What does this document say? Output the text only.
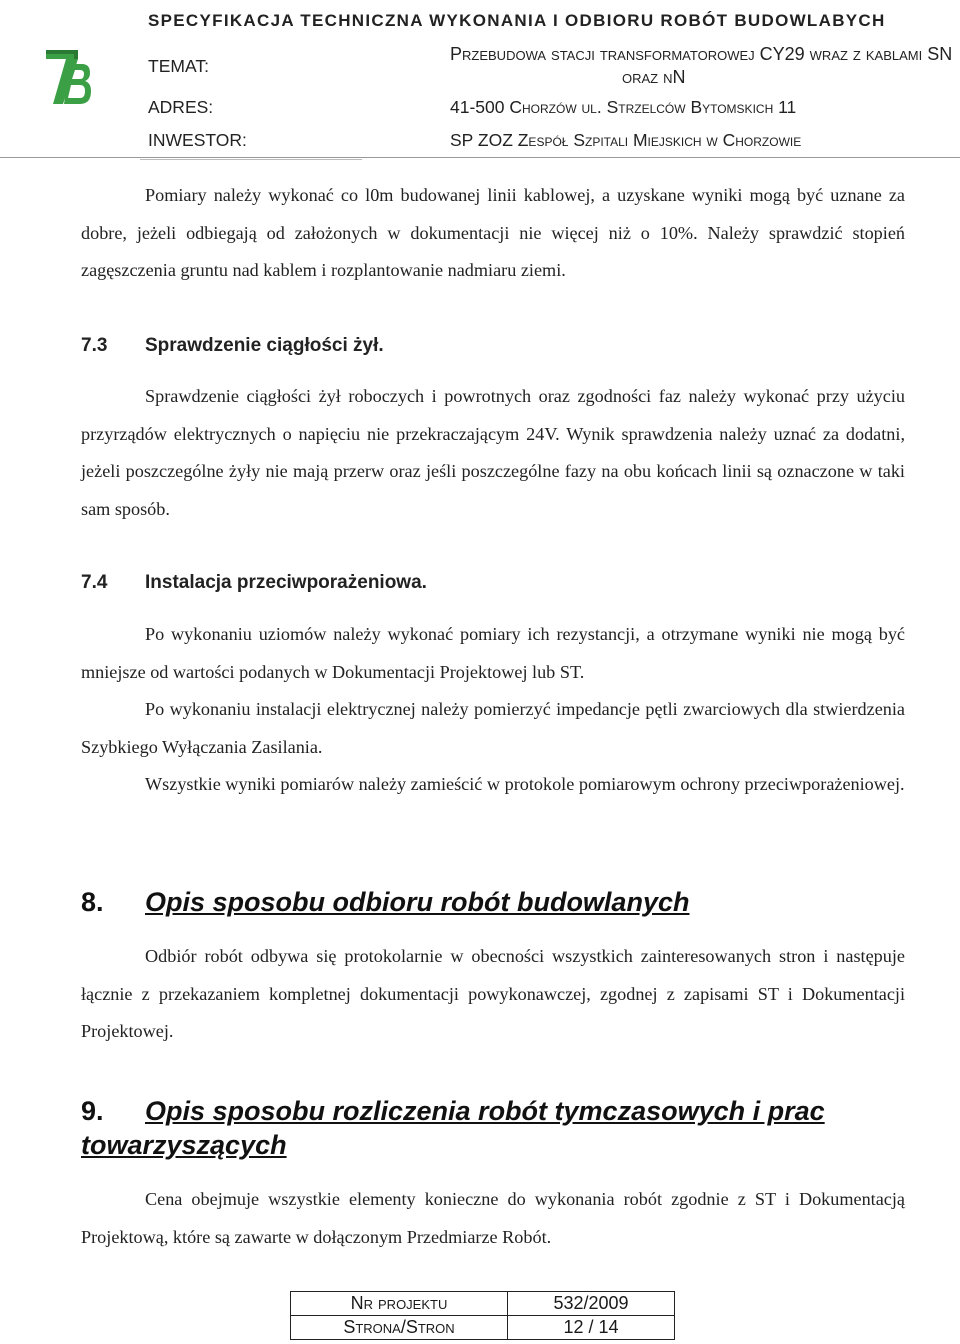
SPECYFIKACJA TECHNICZNA WYKONANIA I ODBIORU ROBÓT BUDOWLABYCH
TEMAT:
Przebudowa stacji transformatorowej CY29 wraz z kablami SN
oraz nN
ADRES:	41-500 Chorzów ul. Strzelców Bytomskich 11
INWESTOR:	SP ZOZ Zespół Szpitali Miejskich w Chorzowie
Pomiary należy wykonać co l0m budowanej linii kablowej, a uzyskane wyniki mogą być uznane za dobre, jeżeli odbiegają od założonych w dokumentacji nie więcej niż o 10%. Należy sprawdzić stopień zagęszczenia gruntu nad kablem i rozplantowanie nadmiaru ziemi.
7.3 Sprawdzenie ciągłości żył.
Sprawdzenie ciągłości żył roboczych i powrotnych oraz zgodności faz należy wykonać przy użyciu przyrządów elektrycznych o napięciu nie przekraczającym 24V. Wynik sprawdzenia należy uznać za dodatni, jeżeli poszczególne żyły nie mają przerw oraz jeśli poszczególne fazy na obu końcach linii są oznaczone w taki sam sposób.
7.4 Instalacja przeciwporażeniowa.
Po wykonaniu uziomów należy wykonać pomiary ich rezystancji, a otrzymane wyniki nie mogą być mniejsze od wartości podanych w Dokumentacji Projektowej lub ST.
Po wykonaniu instalacji elektrycznej należy pomierzyć impedancje pętli zwarciowych dla stwierdzenia Szybkiego Wyłączania Zasilania.
Wszystkie wyniki pomiarów należy zamieścić w protokole pomiarowym ochrony przeciwporażeniowej.
8. Opis sposobu odbioru robót budowlanych
Odbiór robót odbywa się protokolarnie w obecności wszystkich zainteresowanych stron i następuje łącznie z przekazaniem kompletnej dokumentacji powykonawczej, zgodnej z zapisami ST i Dokumentacji Projektowej.
9. Opis sposobu rozliczenia robót tymczasowych i prac towarzyszących
Cena obejmuje wszystkie elementy konieczne do wykonania robót zgodnie z ST i Dokumentacją Projektową, które są zawarte w dołączonym Przedmiarze Robót.
Nr projektu	532/2009
Strona/Stron	12 / 14
